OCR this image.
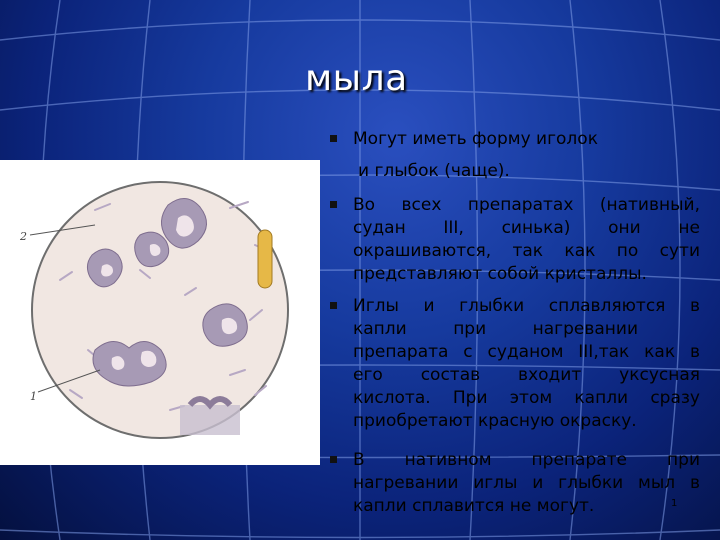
мыла
2
1
Могут иметь форму иголок
и глыбок (чаще).
Во всех препаратах (нативный,
судан III, синька) они не
окрашиваются, так как по сути
представляют собой кристаллы.
Иглы и глыбки сплавляются в
капли при нагревании
препарата с суданом III,так как в
его состав входит уксусная
кислота. При этом капли сразу
приобретают красную окраску.
В нативном препарате при
нагревании иглы и глыбки мыл в
капли сплавится не могут.	1
